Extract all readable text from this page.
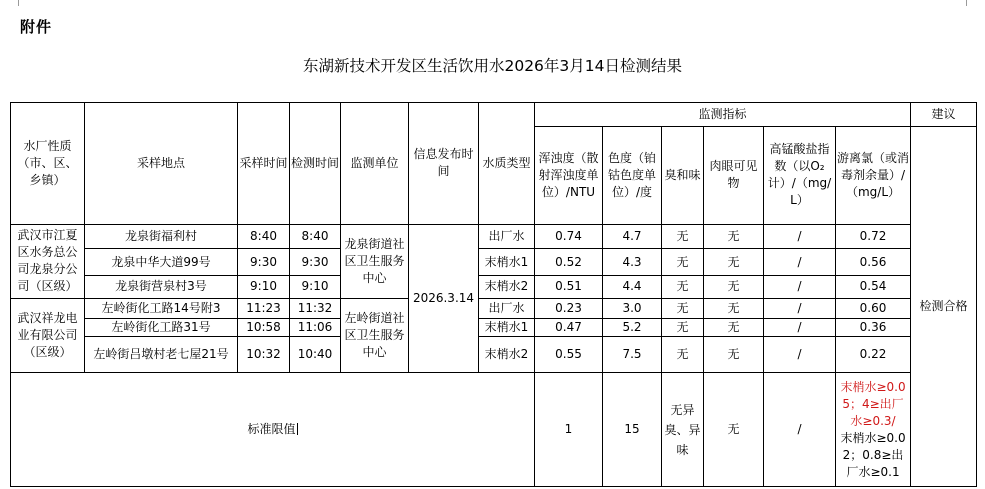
附件
东湖新技术开发区生活饮用水2026年3月14日检测结果
水厂性质（市、区、乡镇）	采样地点	采样时间	检测时间	监测单位	信息发布时间	水质类型	监测指标						建议
							浑浊度（散射浑浊度单位）/NTU	色度（铂钴色度单位）/度	臭和味	肉眼可见物	高锰酸盐指数（以O₂计）/（mg/L）	游离氯（或消毒剂余量）/（mg/L）	检测合格
武汉市江夏区水务总公司龙泉分公司（区级）	龙泉街福利村	8:40	8:40	龙泉街道社区卫生服务中心	2026.3.14	出厂水	0.74	4.7	无	无	/	0.72	
	龙泉中华大道99号	9:30	9:30			末梢水1	0.52	4.3	无	无	/	0.56	
	龙泉街营泉村3号	9:10	9:10			末梢水2	0.51	4.4	无	无	/	0.54	
武汉祥龙电业有限公司（区级）	左岭街化工路14号附3	11:23	11:32	左岭街道社区卫生服务中心		出厂水	0.23	3.0	无	无	/	0.60	
	左岭街化工路31号	10:58	11:06			末梢水1	0.47	5.2	无	无	/	0.36	
	左岭街吕墩村老七屋21号	10:32	10:40			末梢水2	0.55	7.5	无	无	/	0.22	
标准限值							1	15	无异臭、异味	无	/	末梢水≥0.05；4≥出厂水≥0.3/
末梢水≥0.02；0.8≥出厂水≥0.1	
